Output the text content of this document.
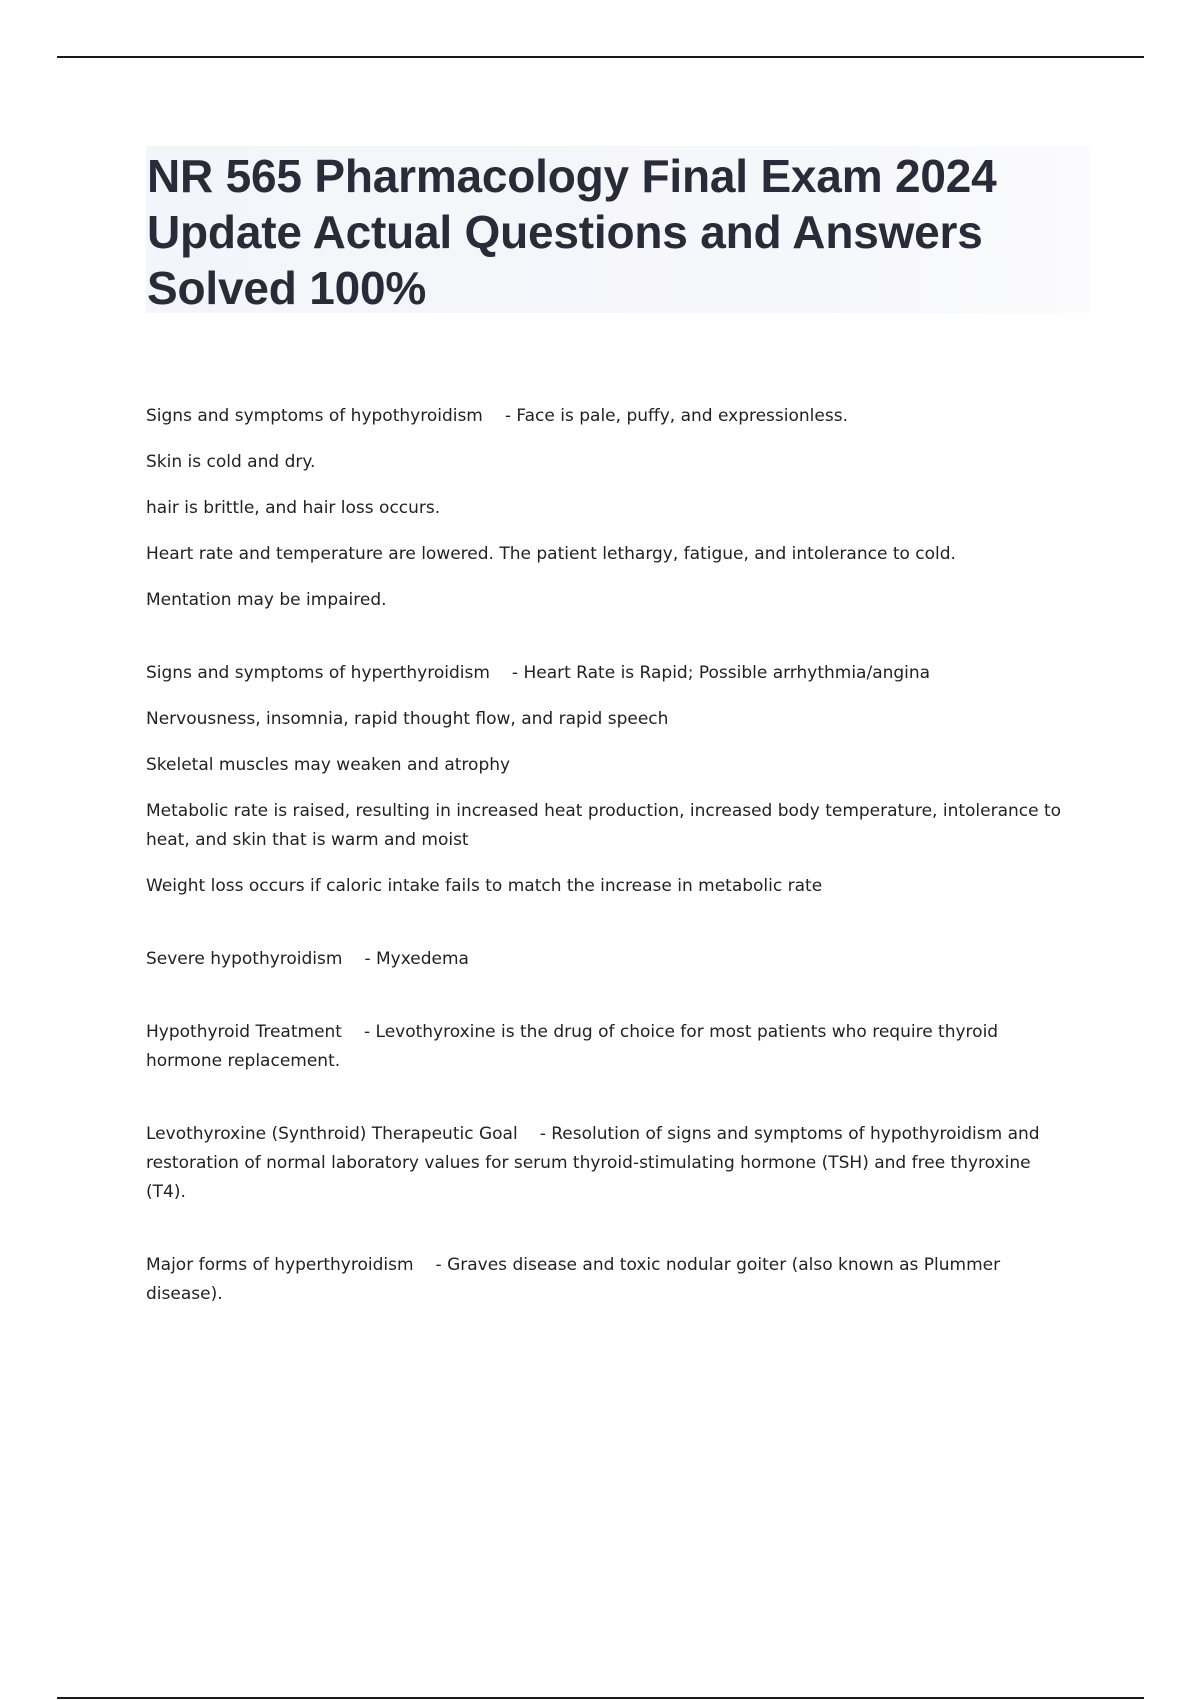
NR 565 Pharmacology Final Exam 2024 Update Actual Questions and Answers Solved 100%

Signs and symptoms of hypothyroidism - Face is pale, puffy, and expressionless.

Skin is cold and dry.

hair is brittle, and hair loss occurs.

Heart rate and temperature are lowered. The patient lethargy, fatigue, and intolerance to cold.

Mentation may be impaired.

Signs and symptoms of hyperthyroidism - Heart Rate is Rapid; Possible arrhythmia/angina

Nervousness, insomnia, rapid thought flow, and rapid speech

Skeletal muscles may weaken and atrophy

Metabolic rate is raised, resulting in increased heat production, increased body temperature, intolerance to heat, and skin that is warm and moist

Weight loss occurs if caloric intake fails to match the increase in metabolic rate

Severe hypothyroidism - Myxedema

Hypothyroid Treatment - Levothyroxine is the drug of choice for most patients who require thyroid hormone replacement.

Levothyroxine (Synthroid) Therapeutic Goal - Resolution of signs and symptoms of hypothyroidism and restoration of normal laboratory values for serum thyroid-stimulating hormone (TSH) and free thyroxine (T4).

Major forms of hyperthyroidism - Graves disease and toxic nodular goiter (also known as Plummer disease).
